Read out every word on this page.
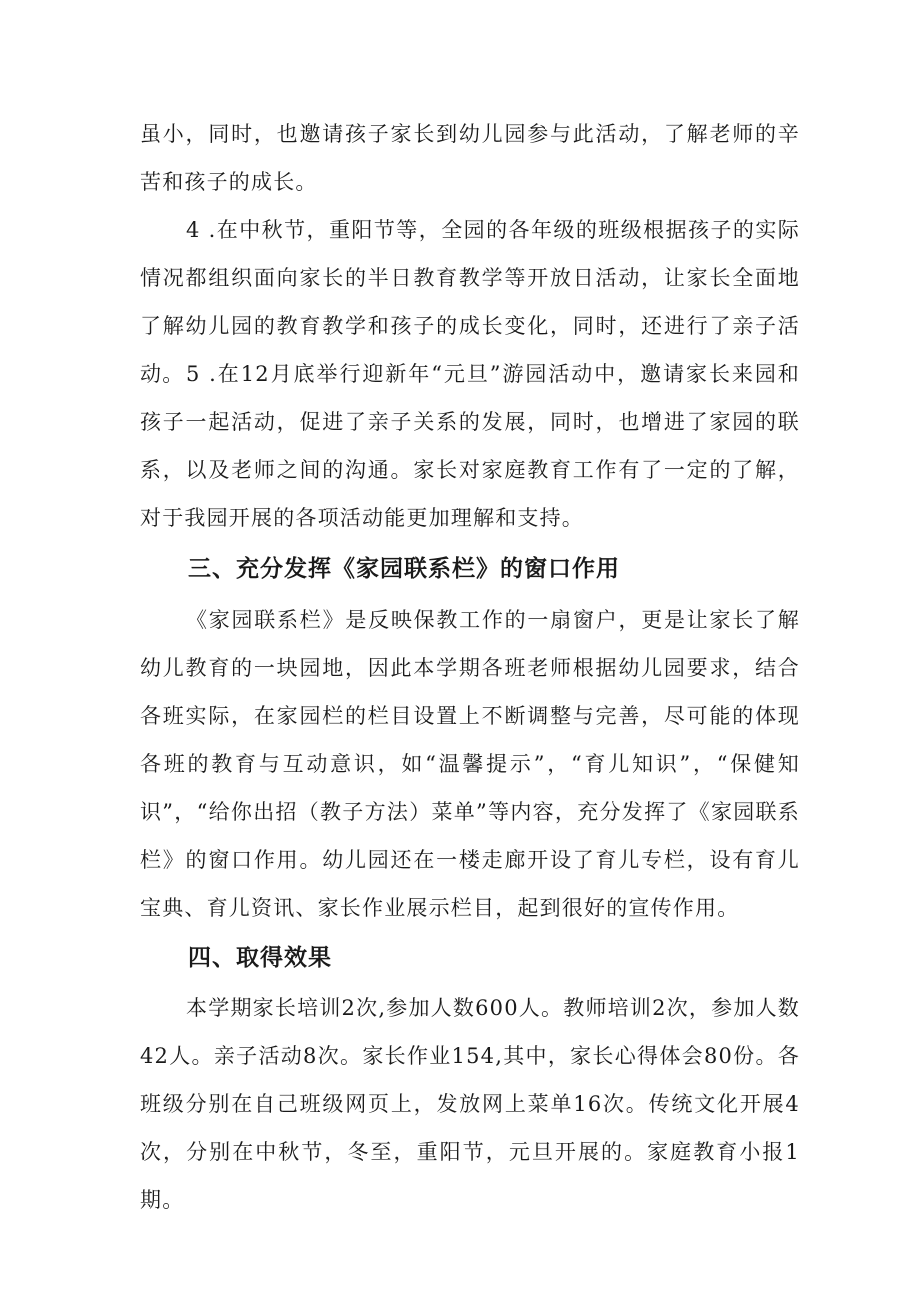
虽小，同时，也邀请孩子家长到幼儿园参与此活动，了解老师的辛苦和孩子的成长。

4 .在中秋节，重阳节等，全园的各年级的班级根据孩子的实际情况都组织面向家长的半日教育教学等开放日活动，让家长全面地了解幼儿园的教育教学和孩子的成长变化，同时，还进行了亲子活动。 5 .在12月底举行迎新年“元旦”游园活动中，邀请家长来园和孩子一起活动，促进了亲子关系的发展，同时，也增进了家园的联系，以及老师之间的沟通。家长对家庭教育工作有了一定的了解，对于我园开展的各项活动能更加理解和支持。

三、充分发挥《家园联系栏》的窗口作用

《家园联系栏》是反映保教工作的一扇窗户，更是让家长了解幼儿教育的一块园地，因此本学期各班老师根据幼儿园要求，结合各班实际，在家园栏的栏目设置上不断调整与完善，尽可能的体现各班的教育与互动意识，如“温馨提示”，“育儿知识”，“保健知识”，“给你出招（教子方法）菜单”等内容，充分发挥了《家园联系栏》的窗口作用。幼儿园还在一楼走廊开设了育儿专栏，设有育儿宝典、育儿资讯、家长作业展示栏目，起到很好的宣传作用。

四、取得效果

本学期家长培训2次,参加人数600人。教师培训2次，参加人数42人。亲子活动8次。家长作业154,其中，家长心得体会80份。各班级分别在自己班级网页上，发放网上菜单16次。传统文化开展4次，分别在中秋节，冬至，重阳节，元旦开展的。家庭教育小报1期。
